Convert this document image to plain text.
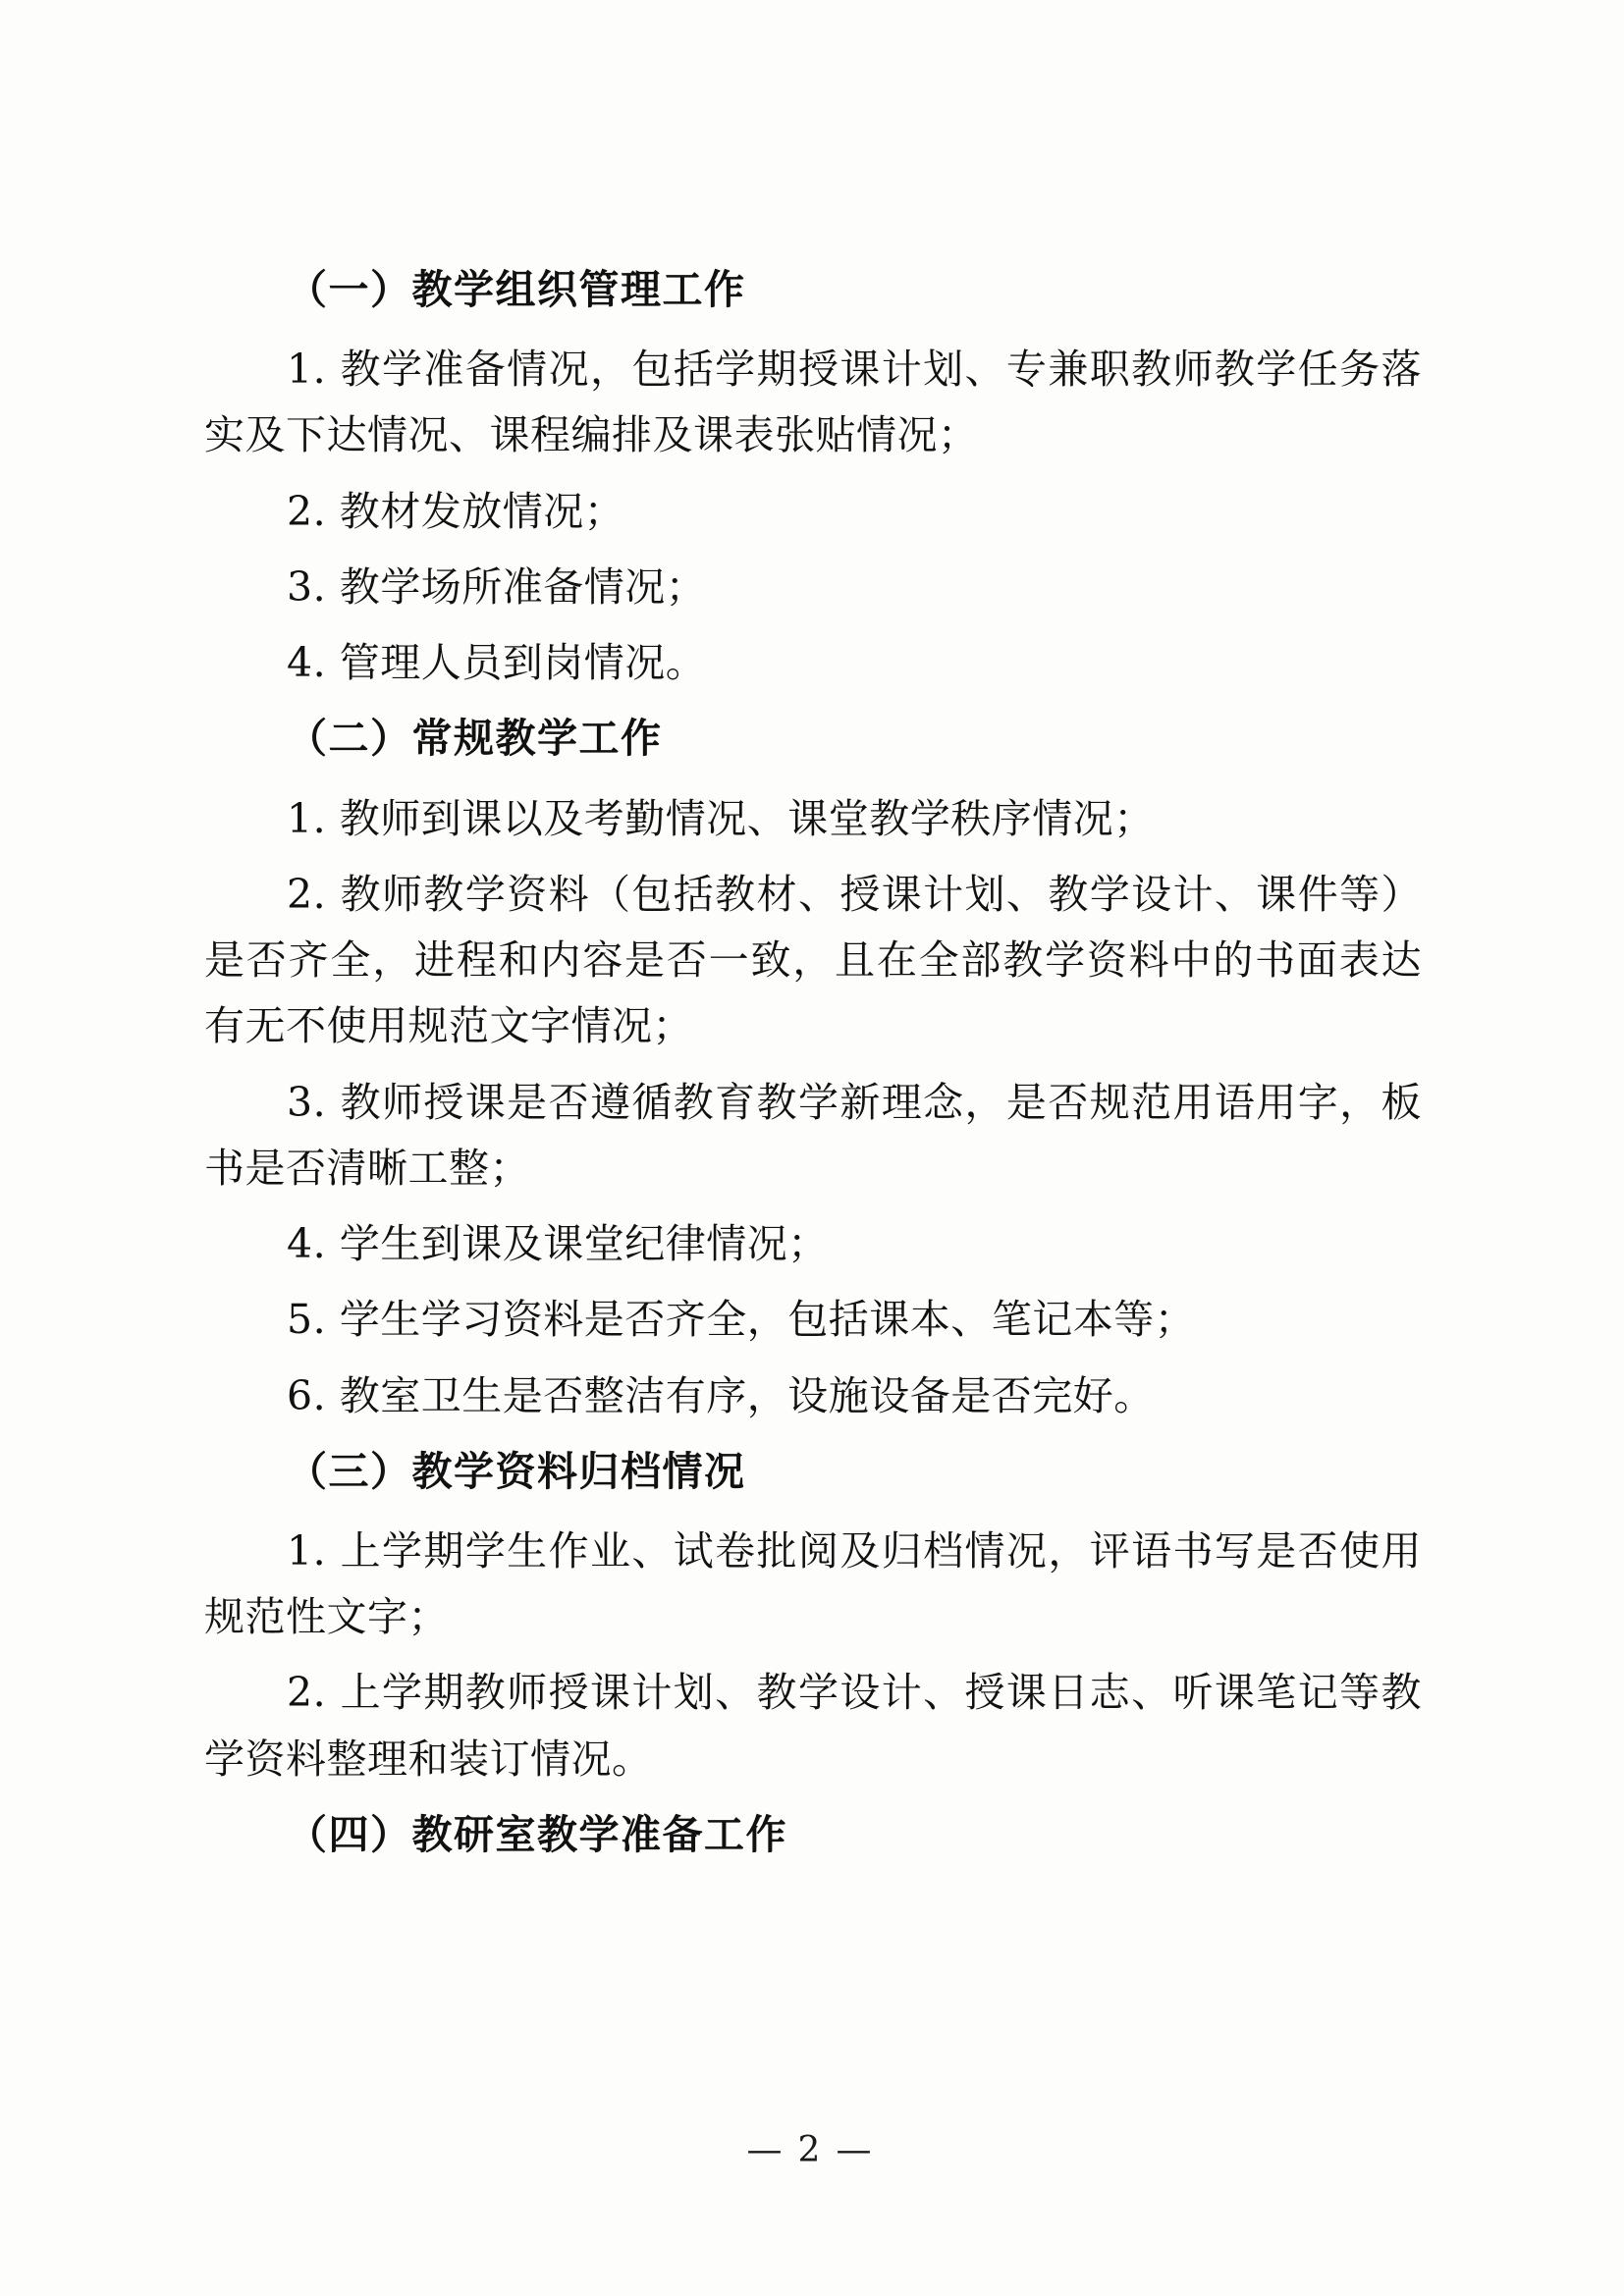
（一）教学组织管理工作

1. 教学准备情况，包括学期授课计划、专兼职教师教学任务落实及下达情况、课程编排及课表张贴情况；

2. 教材发放情况；

3. 教学场所准备情况；

4. 管理人员到岗情况。

（二）常规教学工作

1. 教师到课以及考勤情况、课堂教学秩序情况；

2. 教师教学资料（包括教材、授课计划、教学设计、课件等）是否齐全，进程和内容是否一致，且在全部教学资料中的书面表达 有无不使用规范文字情况；

3. 教师授课是否遵循教育教学新理念，是否规范用语用字，板书是否清晰工整；

4. 学生到课及课堂纪律情况；

5. 学生学习资料是否齐全，包括课本、笔记本等；

6. 教室卫生是否整洁有序，设施设备是否完好。

（三）教学资料归档情况

1. 上学期学生作业、试卷批阅及归档情况，评语书写是否使用规范性文字；

2. 上学期教师授课计划、教学设计、授课日志、听课笔记等教学资料整理和装订情况。

（四）教研室教学准备工作

— 2 —
